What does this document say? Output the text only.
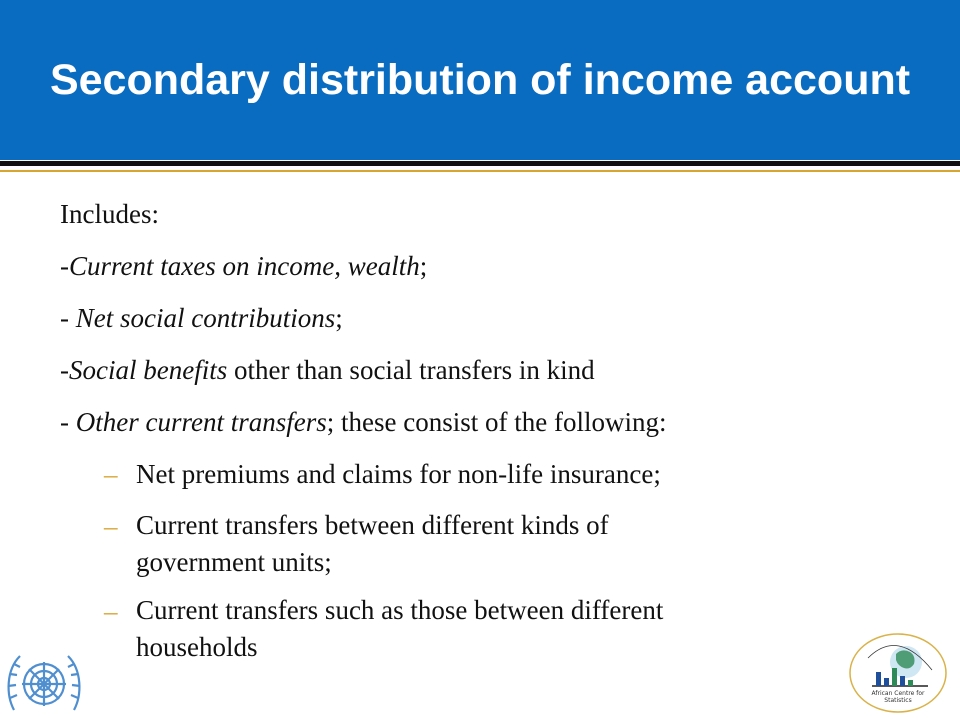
Secondary distribution of income account
Includes:
-Current taxes on income, wealth;
- Net social contributions;
-Social benefits other than social transfers in kind
- Other current transfers; these consist of the following:
– Net premiums and claims for non-life insurance;
– Current transfers between different kinds of
government units;
– Current transfers such as those between different
households
African Centre for
Statistics
